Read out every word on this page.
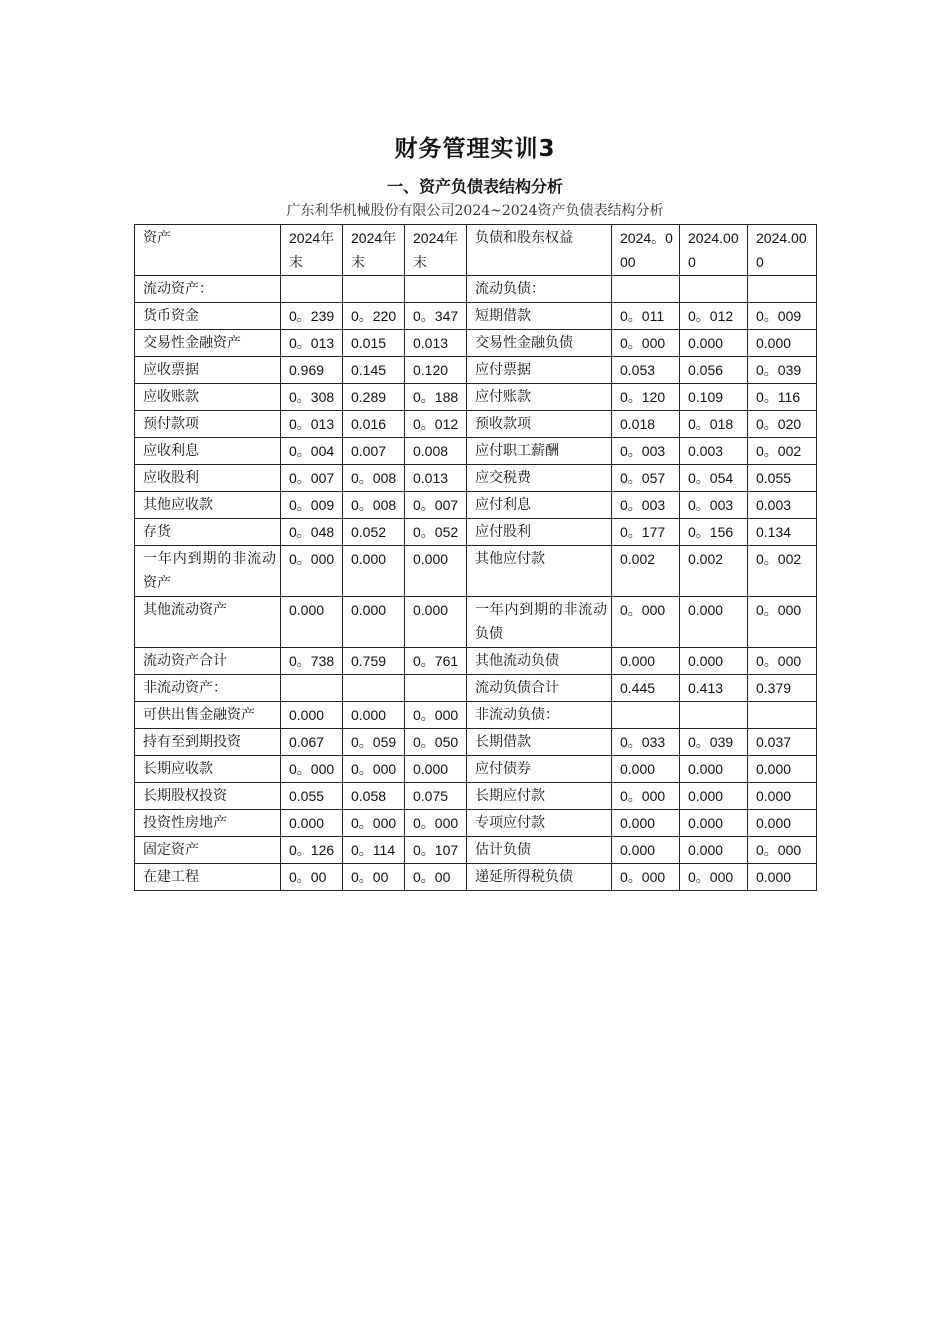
财务管理实训3
一、资产负债表结构分析
广东利华机械股份有限公司2024~2024资产负债表结构分析
资产	2024年末	2024年末	2024年末	负债和股东权益	2024。000	2024.000	2024.000
流动资产：				流动负债：			
货币资金	0。239	0。220	0。347	短期借款	0。011	0。012	0。009
交易性金融资产	0。013	0.015	0.013	交易性金融负债	0。000	0.000	0.000
应收票据	0.969	0.145	0.120	应付票据	0.053	0.056	0。039
应收账款	0。308	0.289	0。188	应付账款	0。120	0.109	0。116
预付款项	0。013	0.016	0。012	预收款项	0.018	0。018	0。020
应收利息	0。004	0.007	0.008	应付职工薪酬	0。003	0.003	0。002
应收股利	0。007	0。008	0.013	应交税费	0。057	0。054	0.055
其他应收款	0。009	0。008	0。007	应付利息	0。003	0。003	0.003
存货	0。048	0.052	0。052	应付股利	0。177	0。156	0.134
一年内到期的非流动资产	0。000	0.000	0.000	其他应付款	0.002	0.002	0。002
其他流动资产	0.000	0.000	0.000	一年内到期的非流动负债	0。000	0.000	0。000
流动资产合计	0。738	0.759	0。761	其他流动负债	0.000	0.000	0。000
非流动资产：				流动负债合计	0.445	0.413	0.379
可供出售金融资产	0.000	0.000	0。000	非流动负债：			
持有至到期投资	0.067	0。059	0。050	长期借款	0。033	0。039	0.037
长期应收款	0。000	0。000	0.000	应付债券	0.000	0.000	0.000
长期股权投资	0.055	0.058	0.075	长期应付款	0。000	0.000	0.000
投资性房地产	0.000	0。000	0。000	专项应付款	0.000	0.000	0.000
固定资产	0。126	0。114	0。107	估计负债	0.000	0.000	0。000
在建工程	0。00	0。00	0。00	递延所得税负债	0。000	0。000	0.000
